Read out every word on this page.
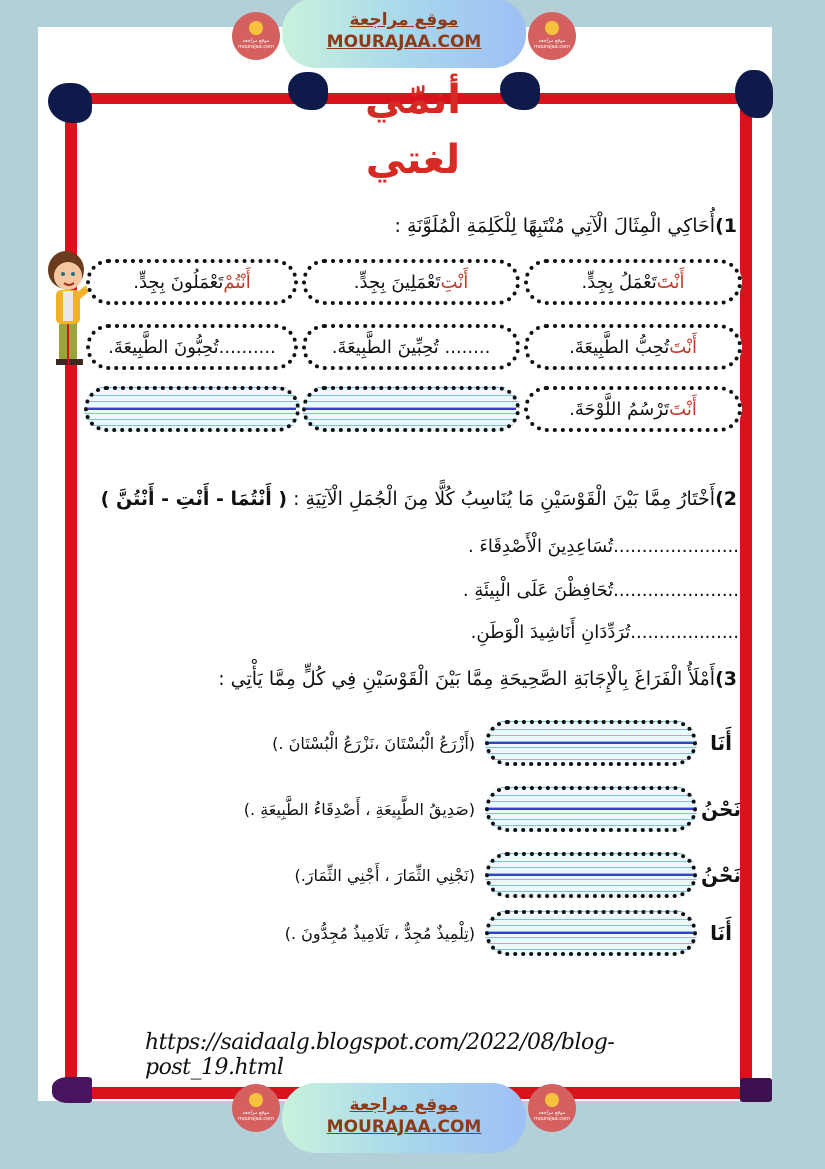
موقع مراجعة mourajaa.com
موقع مراجعة mourajaa.com
موقع مراجعة
MOURAJAA.COM
أنمّي لغتي
1)أُحَاكِي الْمِثَالَ الْآتِي مُنْتَبِهًا لِلْكَلِمَةِ الْمُلَوَّنَةِ :
أَنْتَ
تَعْمَلُ بِجِدٍّ.
أَنْتِ
تَعْمَلِينَ بِجِدٍّ.
أَنْتُمْ
تَعْمَلُونَ بِجِدٍّ.
أَنْتَ
تُحِبُّ الطَّبِيعَةَ.
........ تُحِبِّينَ الطَّبِيعَةَ.
..........تُحِبُّونَ الطَّبِيعَةَ.
أَنْتَ
تَرْسُمُ اللَّوْحَةَ.
2)أَخْتَارُ مِمَّا بَيْنَ الْقَوْسَيْنِ مَا يُنَاسِبُ كُلًّا مِنَ الْجُمَلِ الْآتِيَةِ : ( أَنْتُمَا - أَنْتِ - أَنْتُنَّ )
......................تُسَاعِدِينَ الْأَصْدِقَاءَ .
......................تُحَافِظْنَ عَلَى الْبِيئَةِ .
...................تُرَدِّدَانِ أَنَاشِيدَ الْوَطَنِ.
3)أَمْلَأُ الْفَرَاغَ بِالْإِجَابَةِ الصَّحِيحَةِ مِمَّا بَيْنَ الْقَوْسَيْنِ فِي كُلٍّ مِمَّا يَأْتِي :
أَنَا
(أَزْرَعُ الْبُسْتَانَ ،نَزْرَعُ الْبُسْتَانَ .)
نَحْنُ
(صَدِيقُ الطَّبِيعَةِ ، أَصْدِقَاءُ الطَّبِيعَةِ .)
نَحْنُ
(نَجْنِي الثِّمَارَ ، أَجْنِي الثِّمَارَ.)
أَنَا
(تِلْمِيذٌ مُجِدٌّ ، تَلَامِيذُ مُجِدُّونَ .)
https://saidaalg.blogspot.com/2022/08/blog-post_19.html
موقع مراجعة mourajaa.com
موقع مراجعة mourajaa.com
موقع مراجعة
MOURAJAA.COM
